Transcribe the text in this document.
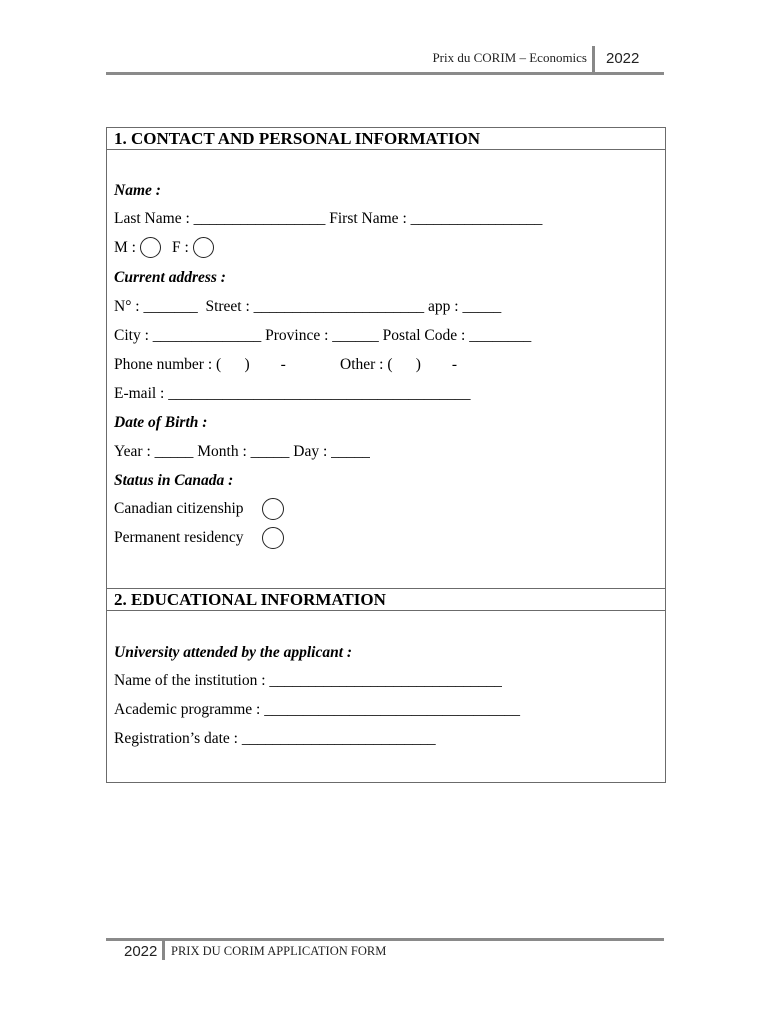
Prix du CORIM – Economics 2022
1. CONTACT AND PERSONAL INFORMATION
Name :
Last Name : _________________ First Name : _________________
M : F :
Current address :
N° : _______  Street : ______________________ app : _____
City : ______________ Province : ______ Postal Code : ________
Phone number : (      )        -              Other : (      )        -
E-mail : _______________________________________
Date of Birth :
Year : _____ Month : _____ Day : _____
Status in Canada :
Canadian citizenship
Permanent residency
2. EDUCATIONAL INFORMATION
University attended by the applicant :
Name of the institution : ______________________________
Academic programme : _________________________________
Registration’s date : _________________________
2022 PRIX DU CORIM APPLICATION FORM
